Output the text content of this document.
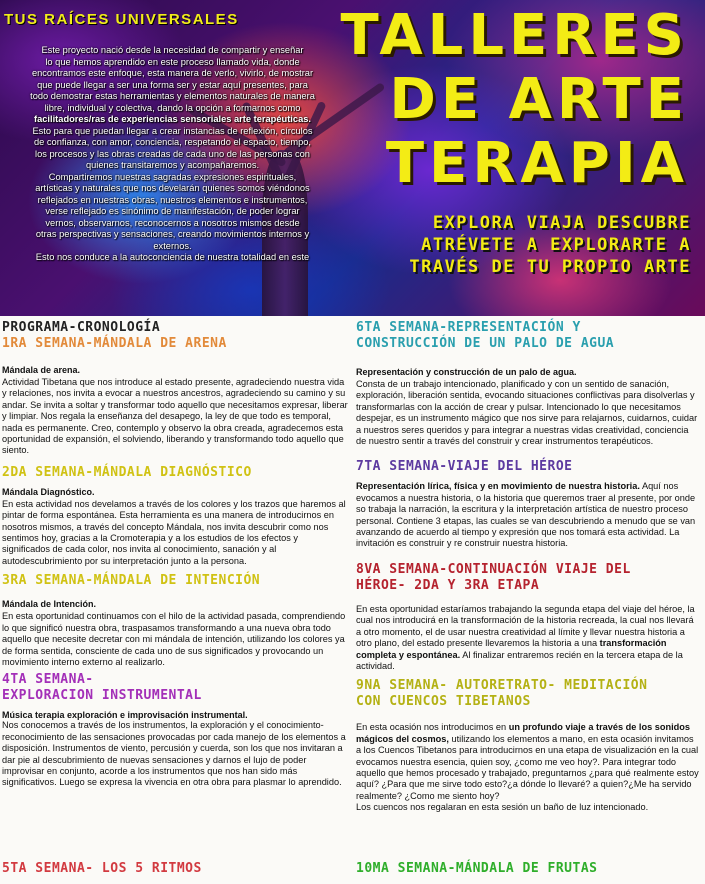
TUS RAÍCES UNIVERSALES

Este proyecto nació desde la necesidad de compartir y enseñar

lo que hemos aprendido en este proceso llamado vida, donde

encontramos este enfoque, esta manera de verlo, vivirlo, de mostrar

que puede llegar a ser una forma ser y estar aquí presentes, para

todo demostrar estas herramientas y elementos naturales de manera

libre, individual y colectiva, dando la opción a formarnos como

facilitadores/ras de experiencias sensoriales arte terapéuticas.

Esto para que puedan llegar a crear instancias de reflexión, círculos

de confianza, con amor, conciencia, respetando el espacio, tiempo,

los procesos y las obras creadas de cada uno de las personas con

quienes transitaremos y acompañaremos.

Compartiremos nuestras sagradas expresiones espirituales,

artísticas y naturales que nos develarán quienes somos viéndonos

reflejados en nuestras obras, nuestros elementos e instrumentos,

verse reflejado es sinónimo de manifestación, de poder lograr

vernos, observarnos, reconocernos a nosotros mismos desde

otras perspectivas y sensaciones, creando movimientos internos y

externos.

Esto nos conduce a la autoconciencia de nuestra totalidad en este

TALLERES
DE ARTE
TERAPIA
EXPLORA VIAJA DESCUBRE
ATRÉVETE A EXPLORARTE A
TRAVÉS DE TU PROPIO ARTE
PROGRAMA-CRONOLOGÍA
1RA SEMANA-MÁNDALA DE ARENA
Mándala de arena.

Actividad Tibetana que nos introduce al estado presente, agradeciendo nuestra vida y relaciones, nos invita a evocar a nuestros ancestros, agradeciendo su camino y su andar. Se invita a soltar y transformar todo aquello que necesitamos expresar, liberar y limpiar. Nos regala la enseñanza del desapego, la ley de que todo es temporal, nada es permanente. Creo, contemplo y observo la obra creada, agradecemos esta oportunidad de expansión, el solviendo, liberando y transformando todo aquello que siento.

2DA SEMANA-MÁNDALA DIAGNÓSTICO
Mándala Diagnóstico.

En esta actividad nos develamos a través de los colores y los trazos que haremos al pintar de forma espontánea. Esta herramienta es una manera de introducirnos en nosotros mismos, a través del concepto Mándala, nos invita descubrir como nos sentimos hoy, gracias a la Cromoterapia y a los estudios de los efectos y significados de cada color, nos invita al conocimiento, sanación y al autodescubrimiento por su interpretación junto a la persona.

3RA SEMANA-MÁNDALA DE INTENCIÓN
Mándala de Intención.

En esta oportunidad continuamos con el hilo de la actividad pasada, comprendiendo lo que significó nuestra obra, traspasamos transformando a una nueva obra todo aquello que necesite decretar con mi mándala de intención, utilizando los colores ya de forma sentida, consciente de cada uno de sus significados y provocando un movimiento interno externo al realizarlo.

4TA SEMANA-
EXPLORACION INSTRUMENTAL
Música terapia exploración e improvisación instrumental.

Nos conocemos a través de los instrumentos, la exploración y el conocimiento-reconocimiento de las sensaciones provocadas por cada manejo de los elementos a disposición. Instrumentos de viento, percusión y cuerda, son los que nos invitaran a dar pie al descubrimiento de nuevas sensaciones y darnos el lujo de poder improvisar en conjunto, acorde a los instrumentos que nos han sido más significativos. Luego se expresa la vivencia en otra obra para plasmar lo aprendido.

5TA SEMANA- LOS 5 RITMOS
6TA SEMANA-REPRESENTACIÓN Y
CONSTRUCCIÓN DE UN PALO DE AGUA
Representación y construcción de un palo de agua.

Consta de un trabajo intencionado, planificado y con un sentido de sanación, exploración, liberación sentida, evocando situaciones conflictivas para disolverlas y transformarlas con la acción de crear y pulsar. Intencionado lo que necesitamos despejar, es un instrumento mágico que nos sirve para relajarnos, cuidarnos, cuidar a nuestros seres queridos y para integrar a nuestras vidas creatividad, conciencia de nuestro sentir a través del construir y crear instrumentos terapéuticos.

7TA SEMANA-VIAJE DEL HÉROE

Representación lírica, física y en movimiento de nuestra historia. Aquí nos evocamos a nuestra historia, o la historia que queremos traer al presente, por onde so trabaja la narración, la escritura y la interpretación artística de nuestro proceso personal. Contiene 3 etapas, las cuales se van descubriendo a menudo que se van avanzando de acuerdo al tiempo y expresión que nos tomará esta actividad. La invitación es construir y re construir nuestra historia.

8VA SEMANA-CONTINUACIÓN VIAJE DEL
HÉROE- 2DA Y 3RA ETAPA

En esta oportunidad estaríamos trabajando la segunda etapa del viaje del héroe, la cual nos introducirá en la transformación de la historia recreada, la cual nos llevará a otro momento, el de usar nuestra creatividad al límite y llevar nuestra historia a otro plano, del estado presente llevaremos la historia a una transformación completa y espontánea. Al finalizar entraremos recién en la tercera etapa de la actividad.

9NA SEMANA- AUTORETRATO- MEDITACIÓN
CON CUENCOS TIBETANOS

En esta ocasión nos introducimos en un profundo viaje a través de los sonidos mágicos del cosmos, utilizando los elementos a mano, en esta ocasión invitamos a los Cuencos Tibetanos para introducirnos en una etapa de visualización en la cual evocamos nuestra esencia, quien soy, ¿como me veo hoy?. Para integrar todo aquello que hemos procesado y trabajado, preguntarnos ¿para qué realmente estoy aquí? ¿Para que me sirve todo esto?¿a dónde lo llevaré? a quien?¿Me ha servido realmente? ¿Como me siento hoy?

Los cuencos nos regalaran en esta sesión un baño de luz intencionado.

10MA SEMANA-MÁNDALA DE FRUTAS
